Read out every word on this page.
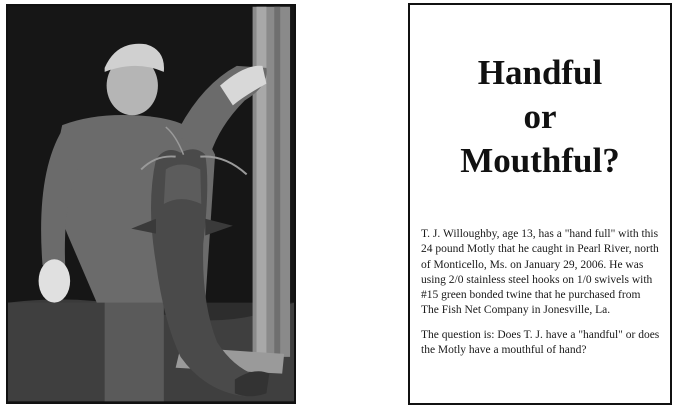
Handful
or
Mouthful?

T. J. Willoughby, age 13, has a "hand full" with this 24 pound Motly that he caught in Pearl River, north of Monticello, Ms. on January 29, 2006. He was using 2/0 stainless steel hooks on 1/0 swivels with #15 green bonded twine that he purchased from The Fish Net Company in Jonesville, La.

The question is: Does T. J. have a "handful" or does the Motly have a mouthful of hand?
